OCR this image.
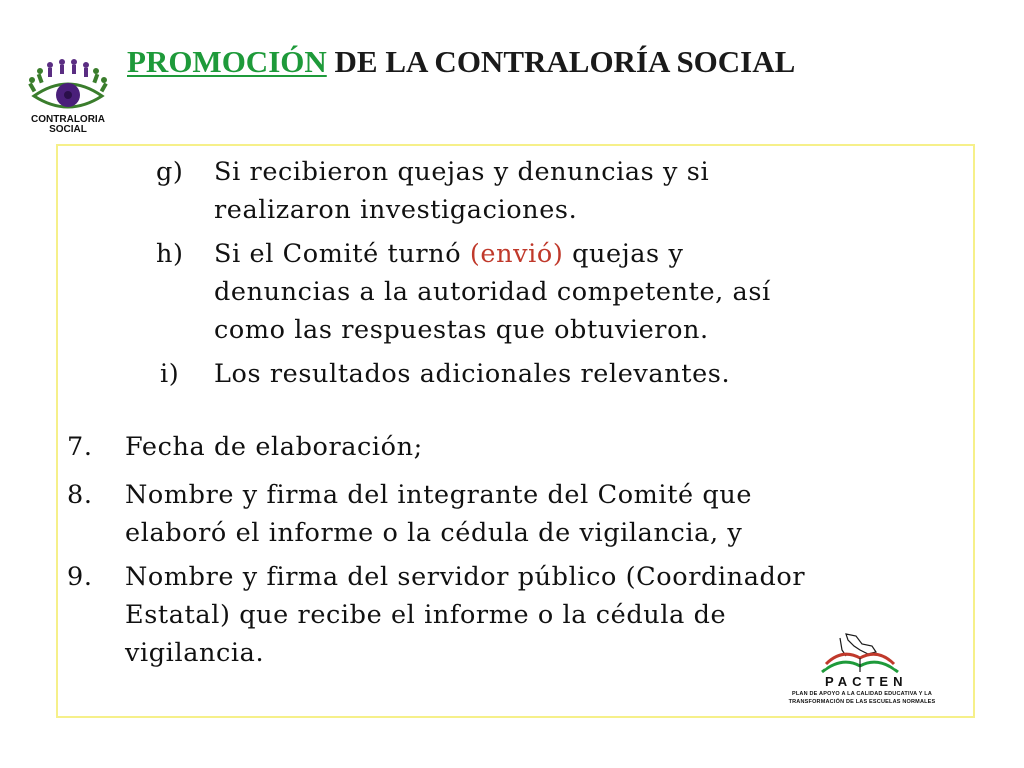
PROMOCIÓN DE LA CONTRALORÍA SOCIAL
CONTRALORIA
SOCIAL
g) Si recibieron quejas y denuncias y si
realizaron investigaciones.
h) Si el Comité turnó (envió) quejas y
denuncias a la autoridad competente, así
como las respuestas que obtuvieron.
i) Los resultados adicionales relevantes.
7. Fecha de elaboración;
8. Nombre y firma del integrante del Comité que
elaboró el informe o la cédula de vigilancia, y
9. Nombre y firma del servidor público (Coordinador
Estatal) que recibe el informe o la cédula de
vigilancia.
PACTEN
PLAN DE APOYO A LA CALIDAD EDUCATIVA Y LA
TRANSFORMACIÓN DE LAS ESCUELAS NORMALES
